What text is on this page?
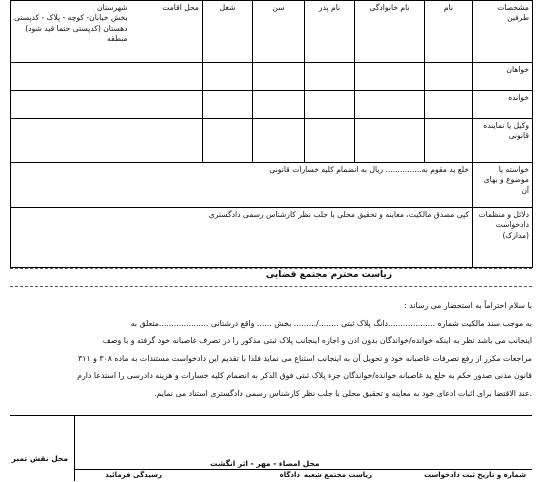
مشخصات طرفین	نام	نام خانوادگی	نام پدر	سن	شغل	محل اقامت
شهرستان
بخش خیابان- کوچه - پلاک - کدپستی
دهستان (کدپستی حتما قید شود)
منطقه

خواهان						
خوانده						
وکیل یا نماینده قانونی						
خواسته یا موضوع و بهای آن	خلع ید مقوم به............... ریال به انضمام کلیه خسارات قانونی					
دلائل و منظمات دادخواست (مدارک)	کپی مصدق مالکیت، معاینه و تحقیق محلی با جلب نظر کارشناس رسمی دادگستری					
ریاست محترم مجتمع قضایی

با سلام احتراماً به استحضار می رساند :

به موجب سند مالکیت شماره ...................دانگ پلاک ثبتی ......../......... بخش ...... واقع درشتانی ....................متعلق به

اینجانب می باشد نظر به اینکه خوانده/خواندگان بدون اذن و اجازه اینجانب پلاک ثبتی مذکور را در تصرف غاصبانه خود گرفته و با وصف

مراجعات مکرر از رفع تصرفات غاصبانه خود و تحویل آن به اینجانب استناع می نماید فلذا با تقدیم این دادخواست مستندات به ماده ۳۰۸ و ۳۱۱

قانون مدنی صدور حکم به خلع ید غاصبانه خوانده/خواندگان جزء پلاک ثبتی فوق الذکر به انضمام کلیه خسارات و هزینه دادرسی را استدعا دارم

.عند الاقتضا برای اثبات ادعای خود به معاینه و تحقیق محلی با جلب نظر کارشناس رسمی دادگستری استناد می نمایم.

محل نقش تمبر
محل امضاء - مهر - اثر انگشت
شماره و تاریخ ثبت دادخواست
ریاست مجتمع شعبه
دادگاه
رسیدگی فرمائید
